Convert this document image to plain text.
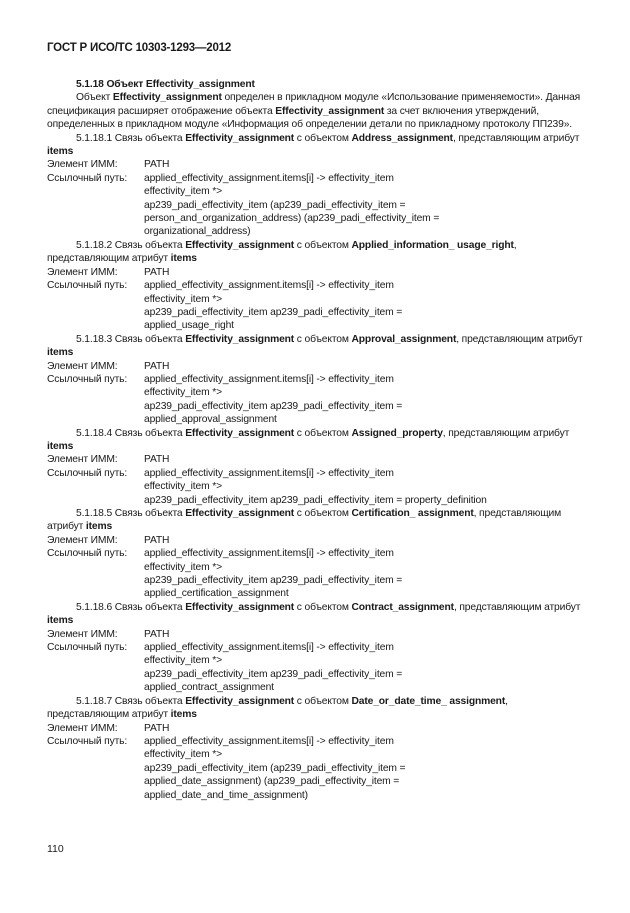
ГОСТ Р ИСО/ТС 10303-1293—2012

5.1.18 Объект Effectivity_assignment

Объект Effectivity_assignment определен в прикладном модуле «Использование применяемости». Данная спецификация расширяет отображение объекта Effectivity_assignment за счет включения утверждений, определенных в прикладном модуле «Информация об определении детали по прикладному протоколу ПП239».

5.1.18.1 Связь объекта Effectivity_assignment с объектом Address_assignment, представляющим атрибут items

Элемент ИММ:	PATH
Ссылочный путь:	applied_effectivity_assignment.items[i] -> effectivity_item
effectivity_item *>
ap239_padi_effectivity_item (ap239_padi_effectivity_item =
person_and_organization_address) (ap239_padi_effectivity_item =
organizational_address)

5.1.18.2 Связь объекта Effectivity_assignment с объектом Applied_information_ usage_right, представляющим атрибут items

Элемент ИММ:	PATH
Ссылочный путь:	applied_effectivity_assignment.items[i] -> effectivity_item
effectivity_item *>
ap239_padi_effectivity_item ap239_padi_effectivity_item =
applied_usage_right

5.1.18.3 Связь объекта Effectivity_assignment с объектом Approval_assignment, представляющим атрибут items

Элемент ИММ:	PATH
Ссылочный путь:	applied_effectivity_assignment.items[i] -> effectivity_item
effectivity_item *>
ap239_padi_effectivity_item ap239_padi_effectivity_item =
applied_approval_assignment

5.1.18.4 Связь объекта Effectivity_assignment с объектом Assigned_property, представляющим атрибут items

Элемент ИММ:	PATH
Ссылочный путь:	applied_effectivity_assignment.items[i] -> effectivity_item
effectivity_item *>
ap239_padi_effectivity_item ap239_padi_effectivity_item = property_definition

5.1.18.5 Связь объекта Effectivity_assignment с объектом Certification_ assignment, представляющим атрибут items

Элемент ИММ:	PATH
Ссылочный путь:	applied_effectivity_assignment.items[i] -> effectivity_item
effectivity_item *>
ap239_padi_effectivity_item ap239_padi_effectivity_item =
applied_certification_assignment

5.1.18.6 Связь объекта Effectivity_assignment с объектом Contract_assignment, представляющим атрибут items

Элемент ИММ:	PATH
Ссылочный путь:	applied_effectivity_assignment.items[i] -> effectivity_item
effectivity_item *>
ap239_padi_effectivity_item ap239_padi_effectivity_item =
applied_contract_assignment

5.1.18.7 Связь объекта Effectivity_assignment с объектом Date_or_date_time_ assignment, представляющим атрибут items

Элемент ИММ:	PATH
Ссылочный путь:	applied_effectivity_assignment.items[i] -> effectivity_item
effectivity_item *>
ap239_padi_effectivity_item (ap239_padi_effectivity_item =
applied_date_assignment) (ap239_padi_effectivity_item =
applied_date_and_time_assignment)
110
